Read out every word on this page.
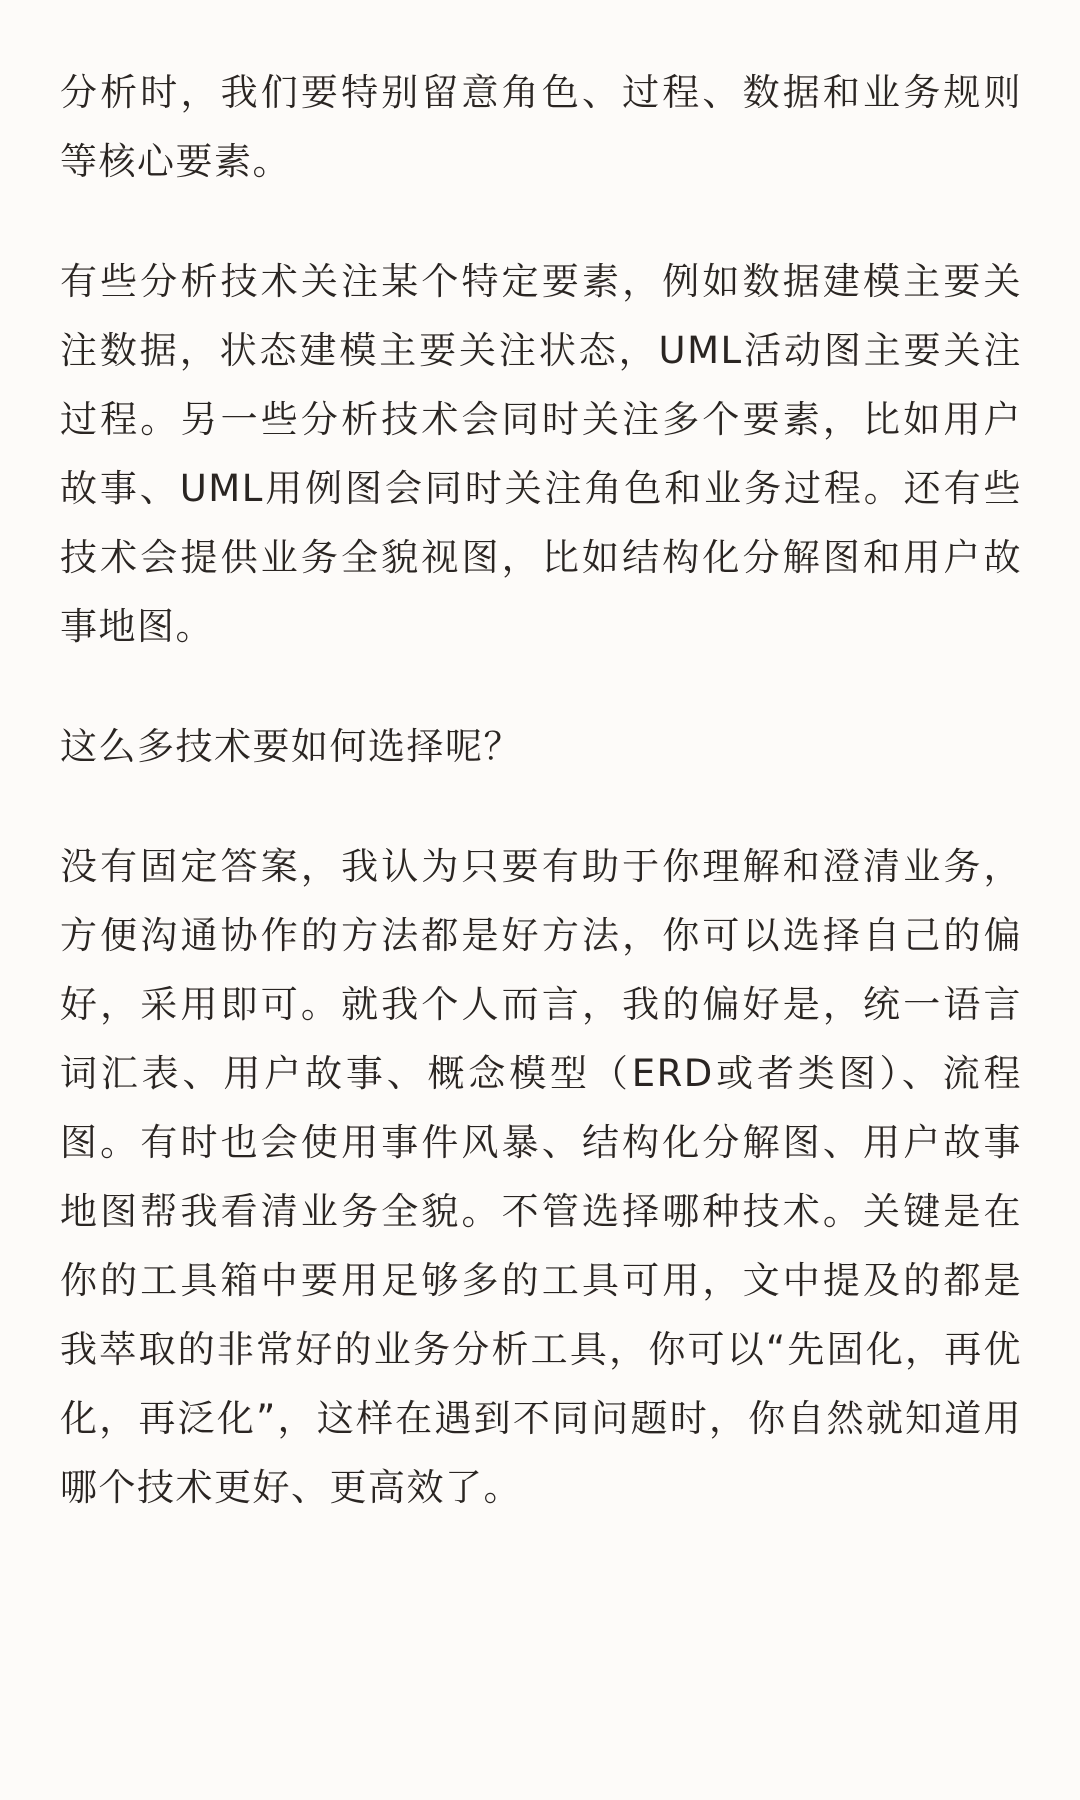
分析时，我们要特别留意角色、过程、数据和业务规则等核心要素。

有些分析技术关注某个特定要素，例如数据建模主要关注数据，状态建模主要关注状态，UML活动图主要关注过程。另一些分析技术会同时关注多个要素，比如用户故事、UML用例图会同时关注角色和业务过程。还有些技术会提供业务全貌视图，比如结构化分解图和用户故事地图。

这么多技术要如何选择呢？

没有固定答案，我认为只要有助于你理解和澄清业务，方便沟通协作的方法都是好方法，你可以选择自己的偏好，采用即可。就我个人而言，我的偏好是，统一语言词汇表、用户故事、概念模型（ERD或者类图）、流程图。有时也会使用事件风暴、结构化分解图、用户故事地图帮我看清业务全貌。不管选择哪种技术。关键是在你的工具箱中要用足够多的工具可用，文中提及的都是我萃取的非常好的业务分析工具，你可以“先固化，再优化，再泛化”，这样在遇到不同问题时，你自然就知道用哪个技术更好、更高效了。
